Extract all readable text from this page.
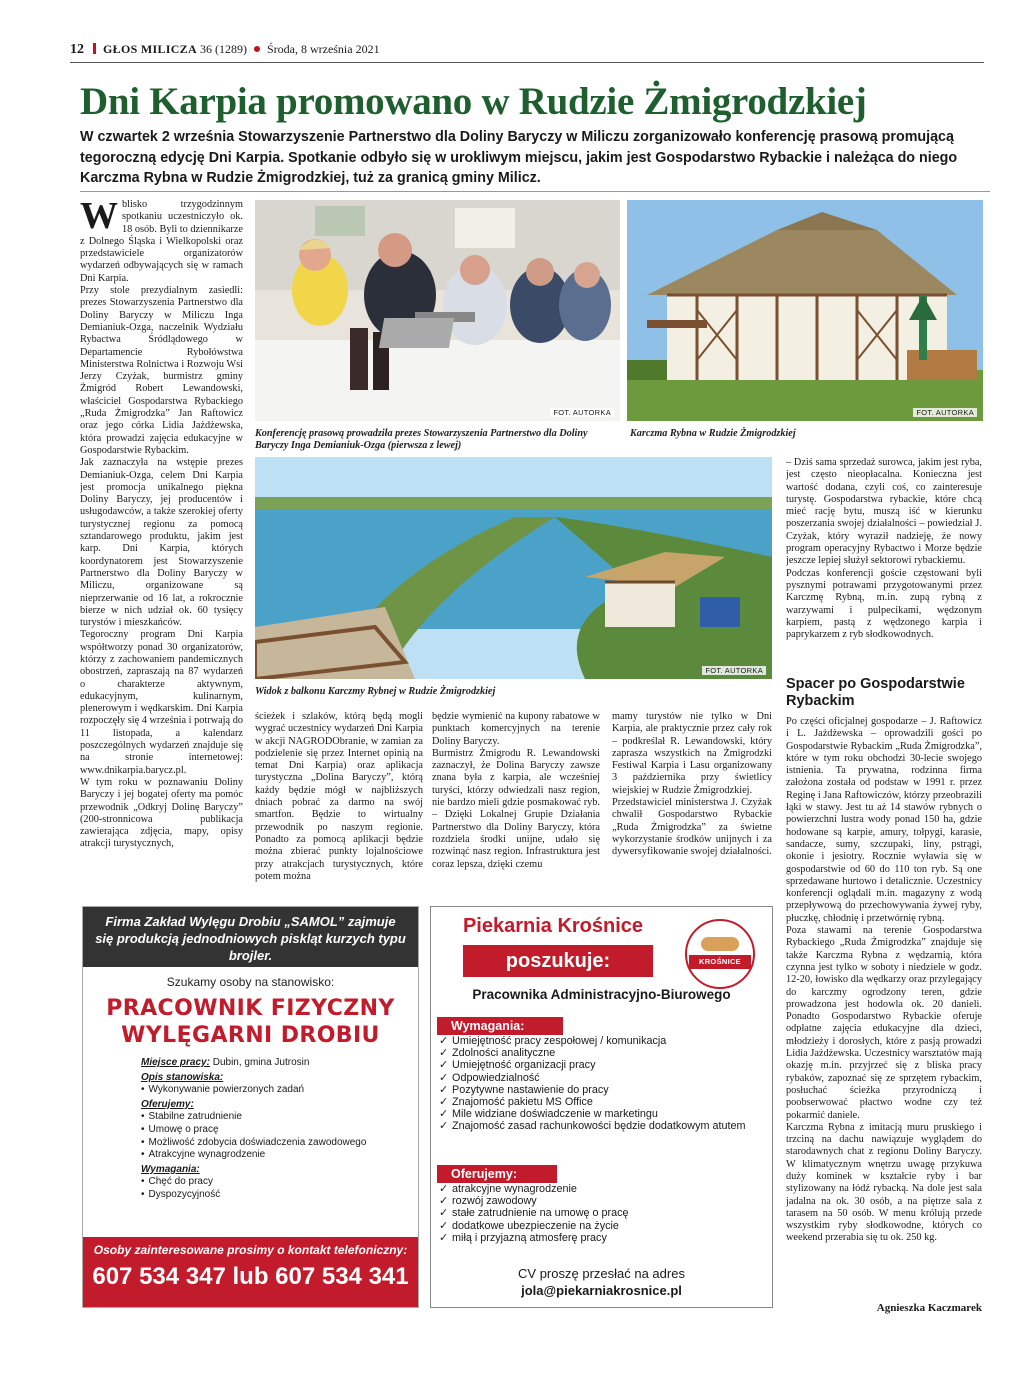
12 GŁOS MILICZA 36 (1289) Środa, 8 września 2021
Dni Karpia promowano w Rudzie Żmigrodzkiej
W czwartek 2 września Stowarzyszenie Partnerstwo dla Doliny Baryczy w Miliczu zorganizowało konferencję prasową promującą tegoroczną edycję Dni Karpia. Spotkanie odbyło się w urokliwym miejscu, jakim jest Gospodarstwo Rybackie i należąca do niego Karczma Rybna w Rudzie Żmigrodzkiej, tuż za granicą gminy Milicz.

Wblisko trzygodzinnym spotkaniu uczestniczyło ok. 18 osób. Byli to dziennikarze z Dolnego Śląska i Wielkopolski oraz przedstawiciele organizatorów wydarzeń odbywających się w ramach Dni Karpia.

Przy stole prezydialnym zasiedli: prezes Stowarzyszenia Partnerstwo dla Doliny Baryczy w Miliczu Inga Demianiuk-Ozga, naczelnik Wydziału Rybactwa Śródlądowego w Departamencie Rybołówstwa Ministerstwa Rolnictwa i Rozwoju Wsi Jerzy Czyżak, burmistrz gminy Żmigród Robert Lewandowski, właściciel Gospodarstwa Rybackiego „Ruda Żmigrodzka” Jan Raftowicz oraz jego córka Lidia Jażdżewska, która prowadzi zajęcia edukacyjne w Gospodarstwie Rybackim.

Jak zaznaczyła na wstępie prezes Demianiuk-Ozga, celem Dni Karpia jest promocja unikalnego piękna Doliny Baryczy, jej producentów i usługodawców, a także szerokiej oferty turystycznej regionu za pomocą sztandarowego produktu, jakim jest karp. Dni Karpia, których koordynatorem jest Stowarzyszenie Partnerstwo dla Doliny Baryczy w Miliczu, organizowane są nieprzerwanie od 16 lat, a rokrocznie bierze w nich udział ok. 60 tysięcy turystów i mieszkańców.

Tegoroczny program Dni Karpia współtworzy ponad 30 organizatorów, którzy z zachowaniem pandemicznych obostrzeń, zapraszają na 87 wydarzeń o charakterze aktywnym, edukacyjnym, kulinarnym, plenerowym i wędkarskim. Dni Karpia rozpoczęły się 4 września i potrwają do 11 listopada, a kalendarz poszczególnych wydarzeń znajduje się na stronie internetowej: www.dnikarpia.barycz.pl.

W tym roku w poznawaniu Doliny Baryczy i jej bogatej oferty ma pomóc przewodnik „Odkryj Dolinę Baryczy” (200-stronnicowa publikacja zawierająca zdjęcia, mapy, opisy atrakcji turystycznych,

FOT. AUTORKA
Konferencję prasową prowadziła prezes Stowarzyszenia Partnerstwo dla Doliny Baryczy Inga Demianiuk-Ozga (pierwsza z lewej)
FOT. AUTORKA
Karczma Rybna w Rudzie Żmigrodzkiej
FOT. AUTORKA
Widok z balkonu Karczmy Rybnej w Rudzie Żmigrodzkiej
ścieżek i szlaków, którą będą mogli wygrać uczestnicy wydarzeń Dni Karpia w akcji NAGRODObranie, w zamian za podzielenie się przez Internet opinią na temat Dni Karpia) oraz aplikacja turystyczna „Dolina Baryczy”, którą każdy będzie mógł w najbliższych dniach pobrać za darmo na swój smartfon. Będzie to wirtualny przewodnik po naszym regionie. Ponadto za pomocą aplikacji będzie można zbierać punkty lojalnościowe przy atrakcjach turystycznych, które potem można

będzie wymienić na kupony rabatowe w punktach komercyjnych na terenie Doliny Baryczy.
Burmistrz Żmigrodu R. Lewandowski zaznaczył, że Dolina Baryczy zawsze znana była z karpia, ale wcześniej turyści, którzy odwiedzali nasz region, nie bardzo mieli gdzie posmakować ryb. – Dzięki Lokalnej Grupie Działania Partnerstwo dla Doliny Baryczy, która rozdziela środki unijne, udało się rozwinąć nasz region. Infrastruktura jest coraz lepsza, dzięki czemu

mamy turystów nie tylko w Dni Karpia, ale praktycznie przez cały rok – podkreślał R. Lewandowski, który zaprasza wszystkich na Żmigrodzki Festiwal Karpia i Lasu organizowany 3 października przy świetlicy wiejskiej w Rudzie Żmigrodzkiej.
Przedstawiciel ministerstwa J. Czyżak chwalił Gospodarstwo Rybackie „Ruda Żmigrodzka” za świetne wykorzystanie środków unijnych i za dywersyfikowanie swojej działalności.

– Dziś sama sprzedaż surowca, jakim jest ryba, jest często nieopłacalna. Konieczna jest wartość dodana, czyli coś, co zainteresuje turystę. Gospodarstwa rybackie, które chcą mieć rację bytu, muszą iść w kierunku poszerzania swojej działalności – powiedział J. Czyżak, który wyraził nadzieję, że nowy program operacyjny Rybactwo i Morze będzie jeszcze lepiej służył sektorowi rybackiemu.
Podczas konferencji goście częstowani byli pysznymi potrawami przygotowanymi przez Karczmę Rybną, m.in. zupą rybną z warzywami i pulpecikami, wędzonym karpiem, pastą z wędzonego karpia i paprykarzem z ryb słodkowodnych.

Spacer po Gospodarstwie Rybackim

Po części oficjalnej gospodarze – J. Raftowicz i L. Jażdżewska – oprowadzili gości po Gospodarstwie Rybackim „Ruda Żmigrodzka”, które w tym roku obchodzi 30-lecie swojego istnienia. Ta prywatna, rodzinna firma założona została od podstaw w 1991 r. przez Reginę i Jana Raftowiczów, którzy przeobrazili łąki w stawy. Jest tu aż 14 stawów rybnych o powierzchni lustra wody ponad 150 ha, gdzie hodowane są karpie, amury, tołpygi, karasie, sandacze, sumy, szczupaki, liny, pstrągi, okonie i jesiotry. Rocznie wyławia się w gospodarstwie od 60 do 110 ton ryb. Są one sprzedawane hurtowo i detalicznie. Uczestnicy konferencji oglądali m.in. magazyny z wodą przepływową do przechowywania żywej ryby, płuczkę, chłodnię i przetwórnię rybną.
Poza stawami na terenie Gospodarstwa Rybackiego „Ruda Żmigrodzka” znajduje się także Karczma Rybna z wędzarnią, która czynna jest tylko w soboty i niedziele w godz. 12-20, łowisko dla wędkarzy oraz przylegający do karczmy ogrodzony teren, gdzie prowadzona jest hodowla ok. 20 danieli. Ponadto Gospodarstwo Rybackie oferuje odpłatne zajęcia edukacyjne dla dzieci, młodzieży i dorosłych, które z pasją prowadzi Lidia Jażdżewska. Uczestnicy warsztatów mają okazję m.in. przyjrzeć się z bliska pracy rybaków, zapoznać się ze sprzętem rybackim, posłuchać ścieżka przyrodniczą i poobserwować płactwo wodne czy też pokarmić daniele.
Karczma Rybna z imitacją muru pruskiego i trzciną na dachu nawiązuje wyglądem do starodawnych chat z regionu Doliny Baryczy. W klimatycznym wnętrzu uwagę przykuwa duży kominek w kształcie ryby i bar stylizowany na łódź rybacką. Na dole jest sala jadalna na ok. 30 osób, a na piętrze sala z tarasem na 50 osób. W menu królują przede wszystkim ryby słodkowodne, których co weekend przerabia się tu ok. 250 kg.

Agnieszka Kaczmarek
Firma Zakład Wylęgu Drobiu „SAMOL” zajmuje się produkcją jednodniowych piskląt kurzych typu brojler.
Szukamy osoby na stanowisko:
PRACOWNIK FIZYCZNY
WYLĘGARNI DROBIU
Miejsce pracy: Dubin, gmina Jutrosin
Opis stanowiska:
• Wykonywanie powierzonych zadań
Oferujemy:
• Stabilne zatrudnienie
• Umowę o pracę
• Możliwość zdobycia doświadczenia zawodowego
• Atrakcyjne wynagrodzenie
Wymagania:
• Chęć do pracy
• Dyspozycyjność
Osoby zainteresowane prosimy o kontakt telefoniczny:
607 534 347 lub 607 534 341
Piekarnia Krośnice
poszukuje:	KROŚNICE
Pracownika Administracyjno-Biurowego
Wymagania:
✓ Umiejętność pracy zespołowej / komunikacja
✓ Zdolności analityczne
✓ Umiejętność organizacji pracy
✓ Odpowiedzialność
✓ Pozytywne nastawienie do pracy
✓ Znajomość pakietu MS Office
✓ Mile widziane doświadczenie w marketingu
✓ Znajomość zasad rachunkowości będzie dodatkowym atutem
Oferujemy:
✓ atrakcyjne wynagrodzenie
✓ rozwój zawodowy
✓ stałe zatrudnienie na umowę o pracę
✓ dodatkowe ubezpieczenie na życie
✓ miłą i przyjazną atmosferę pracy
CV proszę przesłać na adres
jola@piekarniakrosnice.pl
